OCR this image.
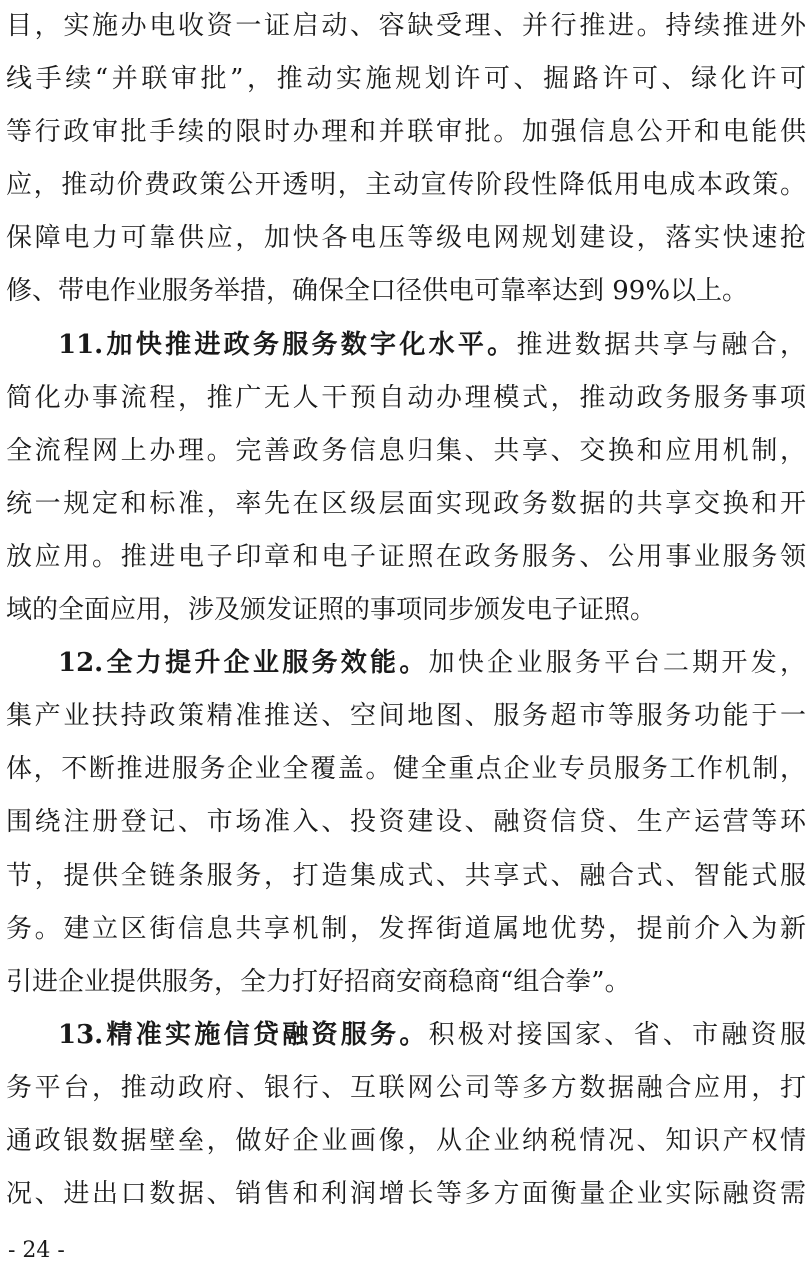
目，实施办电收资一证启动、容缺受理、并行推进。持续推进外
线手续“并联审批”，推动实施规划许可、掘路许可、绿化许可
等行政审批手续的限时办理和并联审批。加强信息公开和电能供
应，推动价费政策公开透明，主动宣传阶段性降低用电成本政策。
保障电力可靠供应，加快各电压等级电网规划建设，落实快速抢
修、带电作业服务举措，确保全口径供电可靠率达到 99%以上。
11.加快推进政务服务数字化水平。推进数据共享与融合，
简化办事流程，推广无人干预自动办理模式，推动政务服务事项
全流程网上办理。完善政务信息归集、共享、交换和应用机制，
统一规定和标准，率先在区级层面实现政务数据的共享交换和开
放应用。推进电子印章和电子证照在政务服务、公用事业服务领
域的全面应用，涉及颁发证照的事项同步颁发电子证照。
12.全力提升企业服务效能。加快企业服务平台二期开发，
集产业扶持政策精准推送、空间地图、服务超市等服务功能于一
体，不断推进服务企业全覆盖。健全重点企业专员服务工作机制，
围绕注册登记、市场准入、投资建设、融资信贷、生产运营等环
节，提供全链条服务，打造集成式、共享式、融合式、智能式服
务。建立区街信息共享机制，发挥街道属地优势，提前介入为新
引进企业提供服务，全力打好招商安商稳商“组合拳”。
13.精准实施信贷融资服务。积极对接国家、省、市融资服
务平台，推动政府、银行、互联网公司等多方数据融合应用，打
通政银数据壁垒，做好企业画像，从企业纳税情况、知识产权情
况、进出口数据、销售和利润增长等多方面衡量企业实际融资需
- 24 -
